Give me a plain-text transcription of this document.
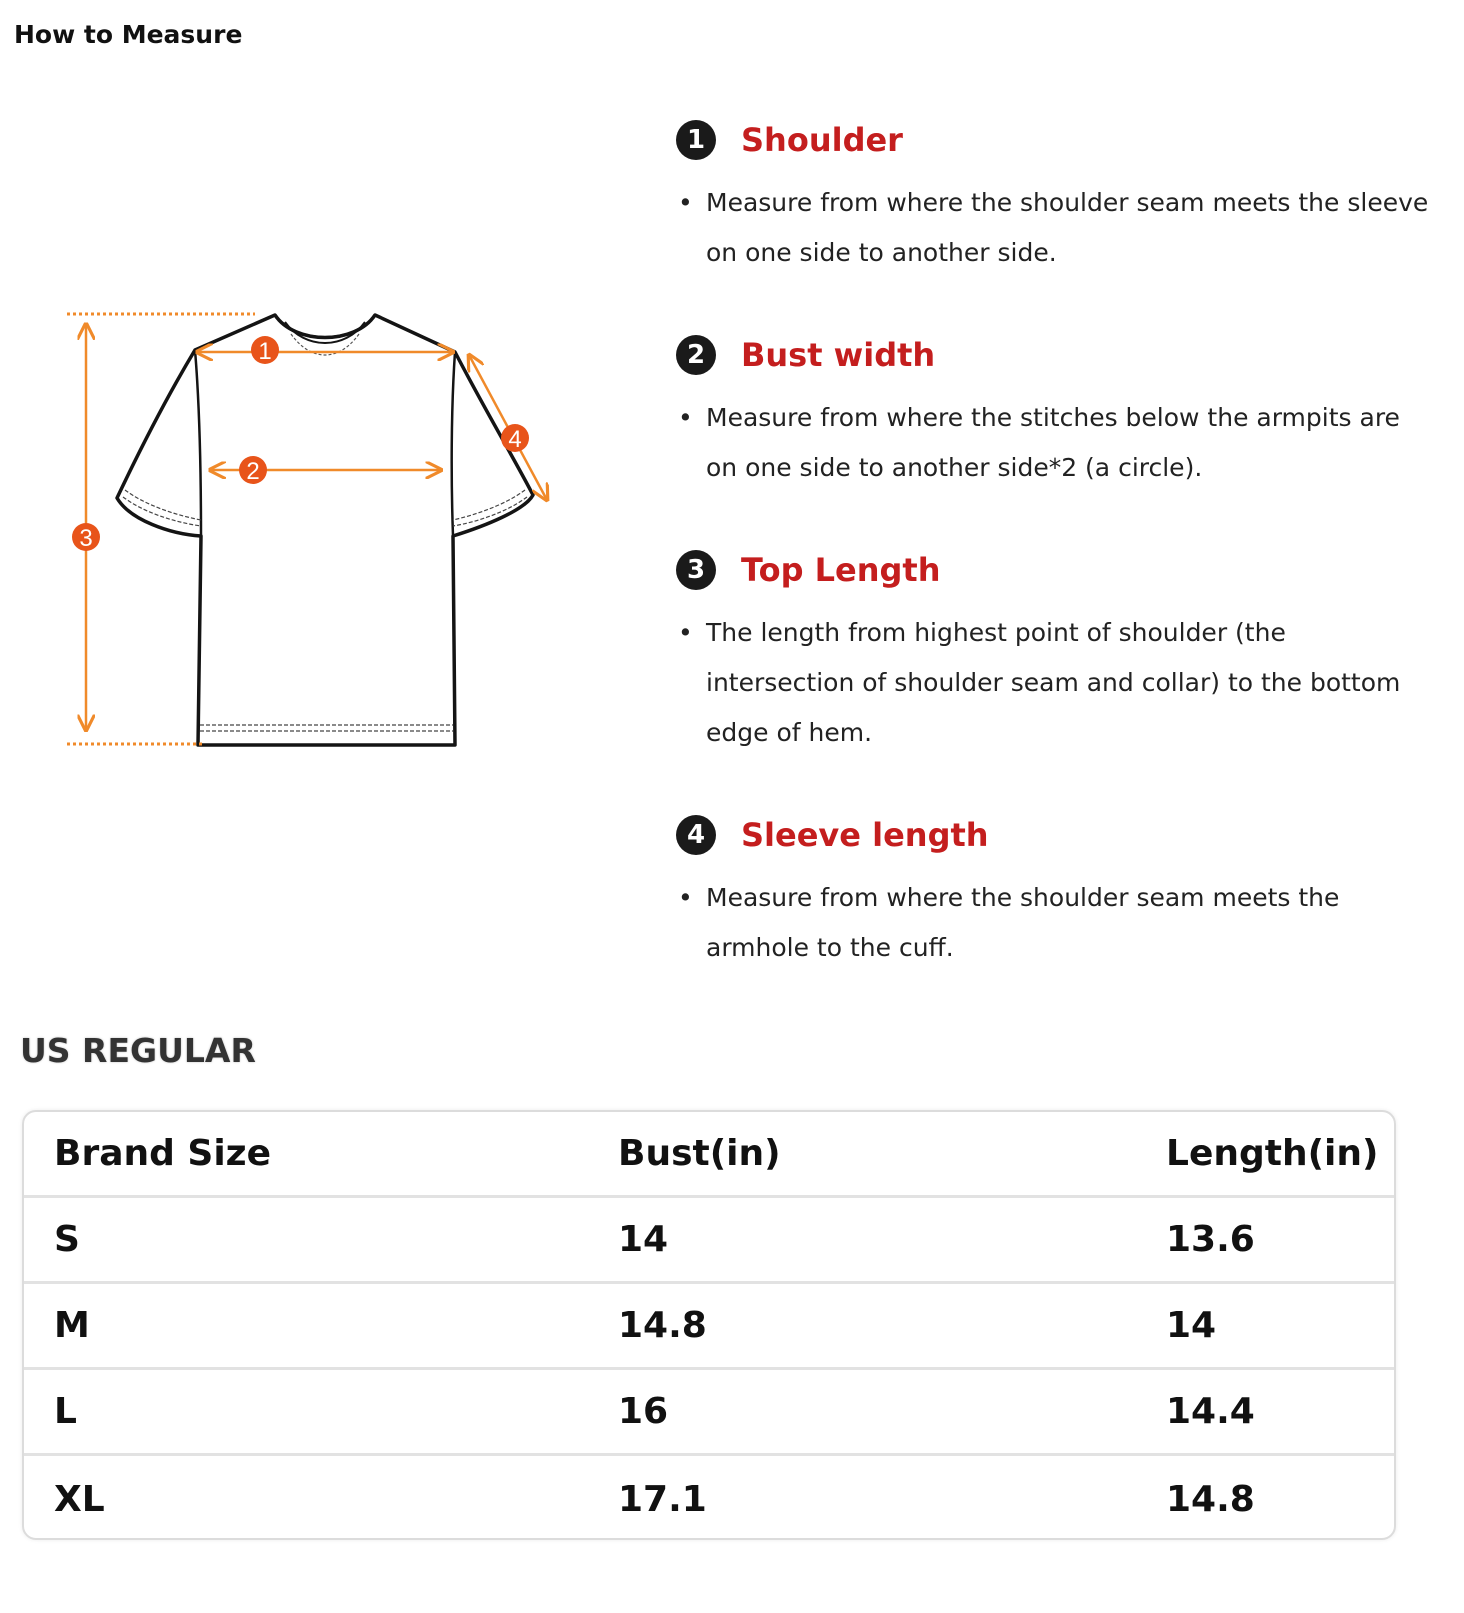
How to Measure
1
2
3
4
1	Shoulder
• Measure from where the shoulder seam meets the sleeve on one side to another side.
2	Bust width
• Measure from where the stitches below the armpits are on one side to another side*2 (a circle).
3	Top Length
• The length from highest point of shoulder (the intersection of shoulder seam and collar) to the bottom edge of hem.
4	Sleeve length
• Measure from where the shoulder seam meets the armhole to the cuff.
US REGULAR
Brand Size	Bust(in)	Length(in)
S	14	13.6
M	14.8	14
L	16	14.4
XL	17.1	14.8
